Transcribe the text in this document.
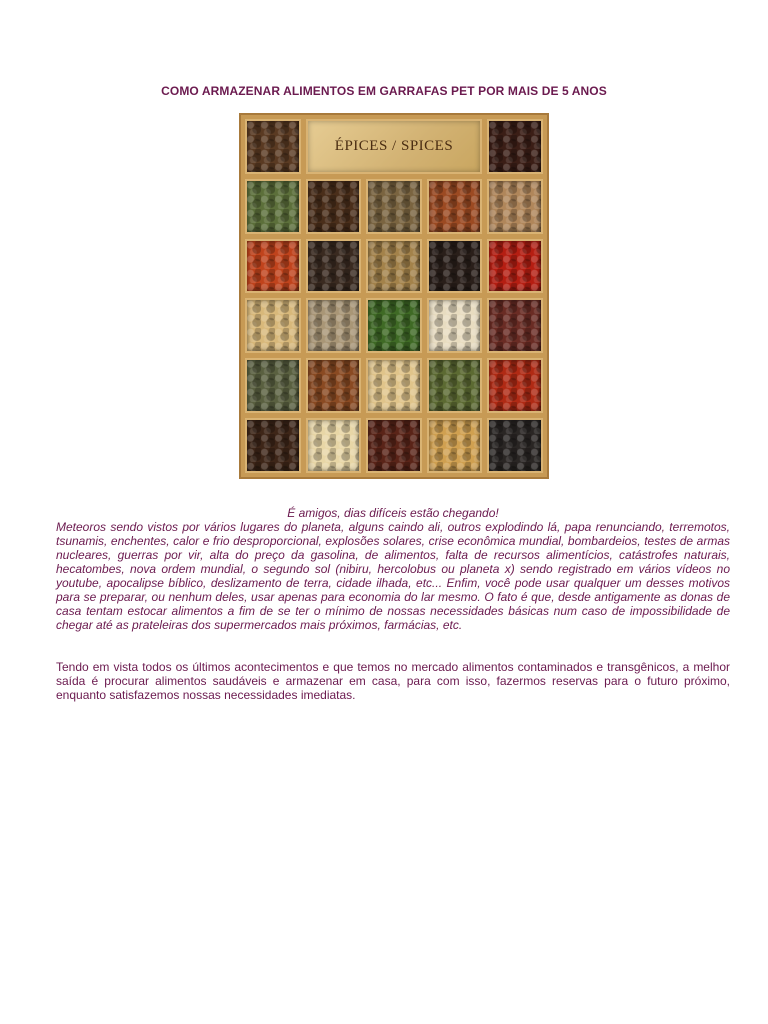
COMO ARMAZENAR ALIMENTOS EM GARRAFAS PET POR MAIS DE 5 ANOS
ÉPICES / SPICES
É amigos, dias difíceis estão chegando!
Meteoros sendo vistos por vários lugares do planeta, alguns caindo ali, outros explodindo lá, papa renunciando, terremotos, tsunamis, enchentes, calor e frio desproporcional, explosões solares, crise econômica mundial, bombardeios, testes de armas nucleares, guerras por vir, alta do preço da gasolina, de alimentos, falta de recursos alimentícios, catástrofes naturais, hecatombes, nova ordem mundial, o segundo sol (nibiru, hercolobus ou planeta x) sendo registrado em vários vídeos no youtube, apocalipse bíblico, deslizamento de terra, cidade ilhada, etc... Enfim, você pode usar qualquer um desses motivos para se preparar, ou nenhum deles, usar apenas para economia do lar mesmo. O fato é que, desde antigamente as donas de casa tentam estocar alimentos a fim de se ter o mínimo de nossas necessidades básicas num caso de impossibilidade de chegar até as prateleiras dos supermercados mais próximos, farmácias, etc.
Tendo em vista todos os últimos acontecimentos e que temos no mercado alimentos contaminados e transgênicos, a melhor saída é procurar alimentos saudáveis e armazenar em casa, para com isso, fazermos reservas para o futuro próximo, enquanto satisfazemos nossas necessidades imediatas.
